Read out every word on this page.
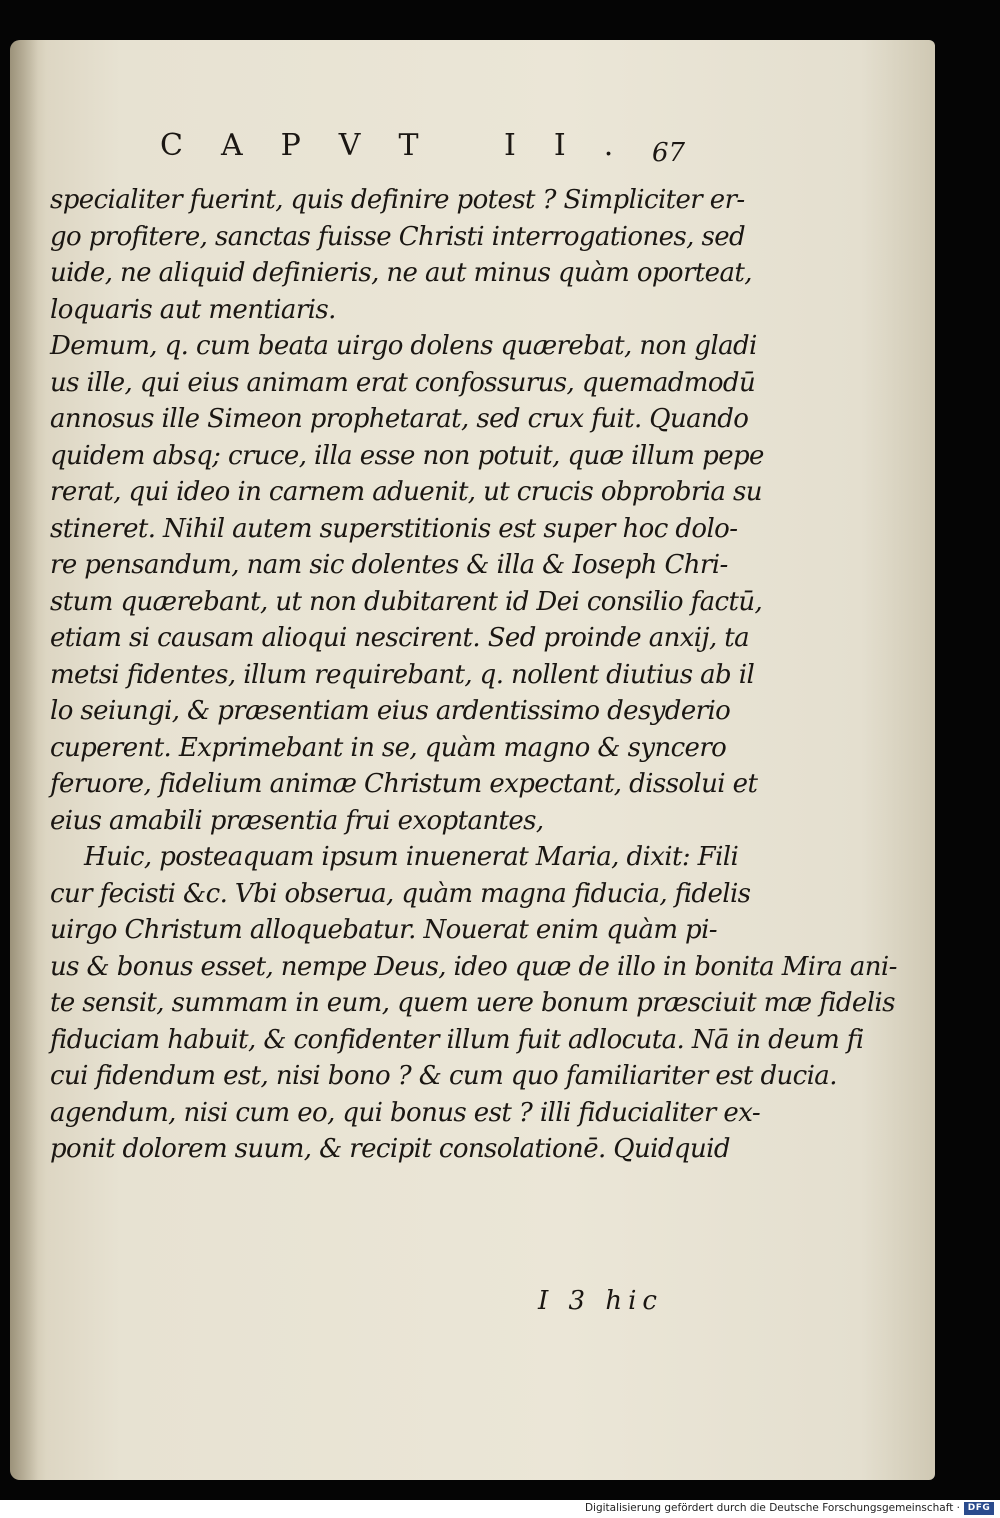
CAPVT II. 67
specialiter fuerint, quis definire potest ? Simpliciter er-
go profitere, sanctas fuisse Christi interrogationes, sed
uide, ne aliquid definieris, ne aut minus quàm oporteat,
loquaris aut mentiaris.
Demum, q. cum beata uirgo dolens quærebat, non gladi
us ille, qui eius animam erat confossurus, quemadmodū
annosus ille Simeon prophetarat, sed crux fuit. Quando
quidem absq; cruce, illa esse non potuit, quæ illum pepe
rerat, qui ideo in carnem aduenit, ut crucis obprobria su
stineret. Nihil autem superstitionis est super hoc dolo-
re pensandum, nam sic dolentes & illa & Ioseph Chri-
stum quærebant, ut non dubitarent id Dei consilio factū,
etiam si causam alioqui nescirent. Sed proinde anxij, ta
metsi fidentes, illum requirebant, q. nollent diutius ab il
lo seiungi, & præsentiam eius ardentissimo desyderio
cuperent. Exprimebant in se, quàm magno & syncero
feruore, fidelium animæ Christum expectant, dissolui et
eius amabili præsentia frui exoptantes,
Huic, posteaquam ipsum inuenerat Maria, dixit: Fili
cur fecisti &c. Vbi obserua, quàm magna fiducia, fidelis
uirgo Christum alloquebatur. Nouerat enim quàm pi-
us & bonus esset, nempe Deus, ideo quæ de illo in bonita Mira ani-
te sensit, summam in eum, quem uere bonum præsciuit mæ fidelis
fiduciam habuit, & confidenter illum fuit adlocuta. Nā in deum fi
cui fidendum est, nisi bono ? & cum quo familiariter est ducia.
agendum, nisi cum eo, qui bonus est ? illi fiducialiter ex-
ponit dolorem suum, & recipit consolationē. Quidquid
I 3 hic
Digitalisierung gefördert durch die Deutsche Forschungsgemeinschaft · DFG
